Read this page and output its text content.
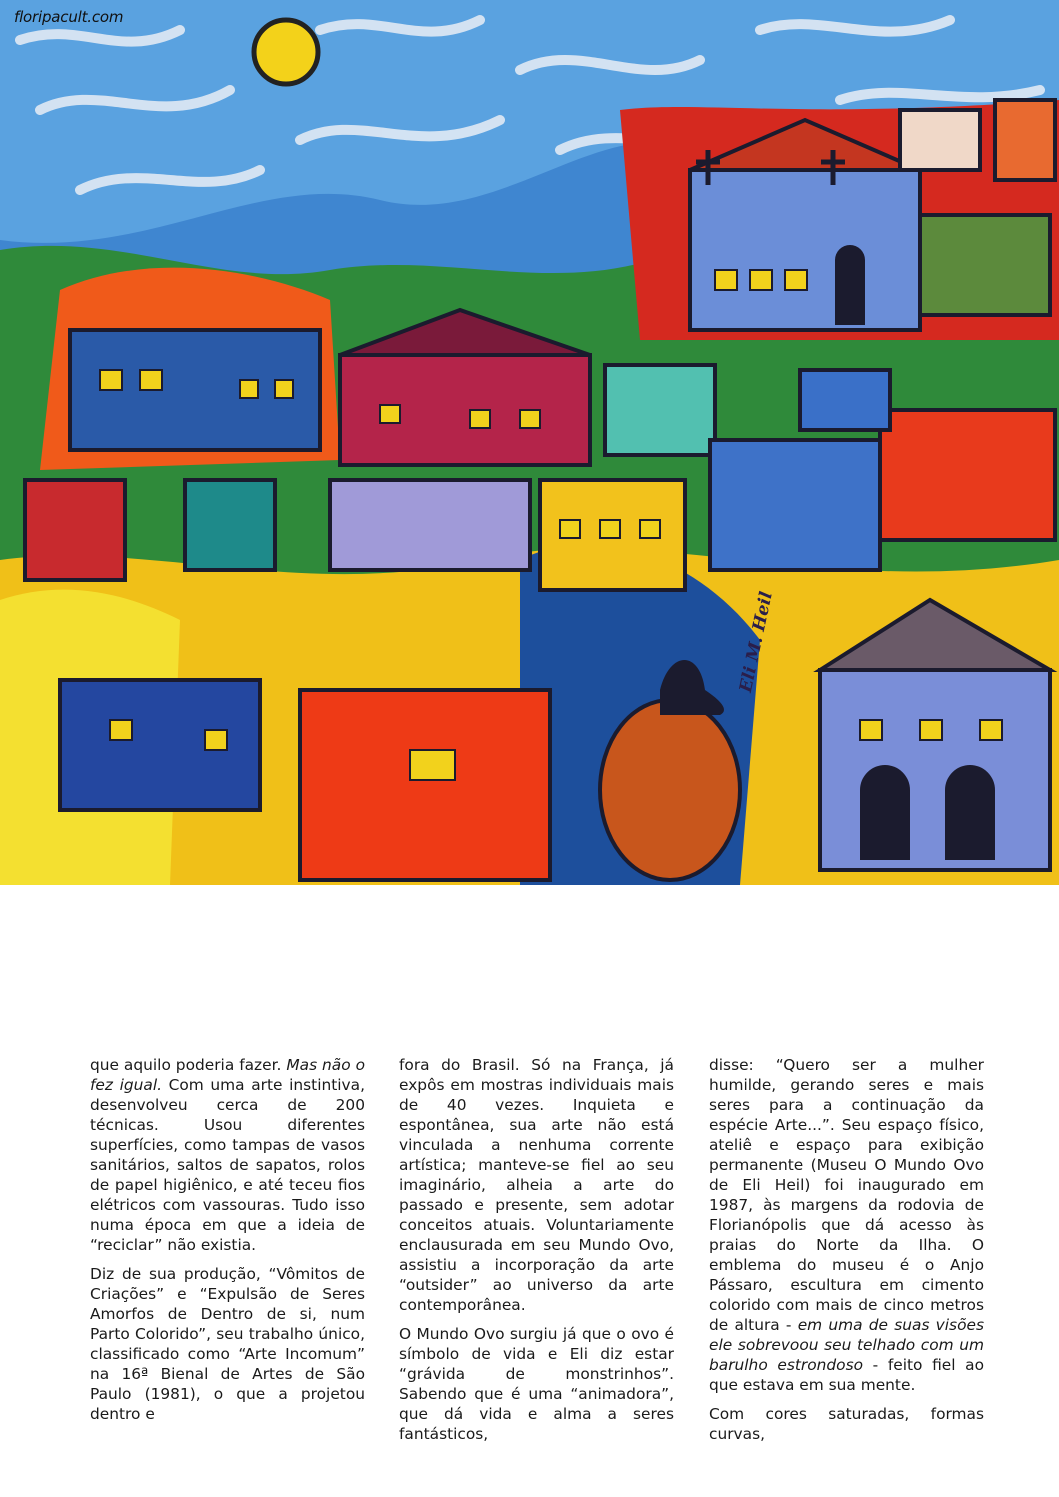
floripacult.com
Eli M. Heil

que aquilo poderia fazer. Mas não o fez igual. Com uma arte instintiva, desenvolveu cerca de 200 técnicas. Usou diferentes superfícies, como tampas de vasos sanitários, saltos de sapatos, rolos de papel higiênico, e até teceu fios elétricos com vassouras. Tudo isso numa época em que a ideia de “reciclar” não existia.

Diz de sua produção, “Vômitos de Criações” e “Expulsão de Seres Amorfos de Dentro de si, num Parto Colorido”, seu trabalho único, classificado como “Arte Incomum” na 16ª Bienal de Artes de São Paulo (1981), o que a projetou dentro e

fora do Brasil. Só na França, já expôs em mostras individuais mais de 40 vezes. Inquieta e espontânea, sua arte não está vinculada a nenhuma corrente artística; manteve-se fiel ao seu imaginário, alheia a arte do passado e presente, sem adotar conceitos atuais. Voluntariamente enclausurada em seu Mundo Ovo, assistiu a incorporação da arte “outsider” ao universo da arte contemporânea.

O Mundo Ovo surgiu já que o ovo é símbolo de vida e Eli diz estar “grávida de monstrinhos”. Sabendo que é uma “animadora”, que dá vida e alma a seres fantásticos,

disse: “Quero ser a mulher humilde, gerando seres e mais seres para a continuação da espécie Arte...”. Seu espaço físico, ateliê e espaço para exibição permanente (Museu O Mundo Ovo de Eli Heil) foi inaugurado em 1987, às margens da rodovia de Florianópolis que dá acesso às praias do Norte da Ilha. O emblema do museu é o Anjo Pássaro, escultura em cimento colorido com mais de cinco metros de altura - em uma de suas visões ele sobrevoou seu telhado com um barulho estrondoso - feito fiel ao que estava em sua mente.

Com cores saturadas, formas curvas,
